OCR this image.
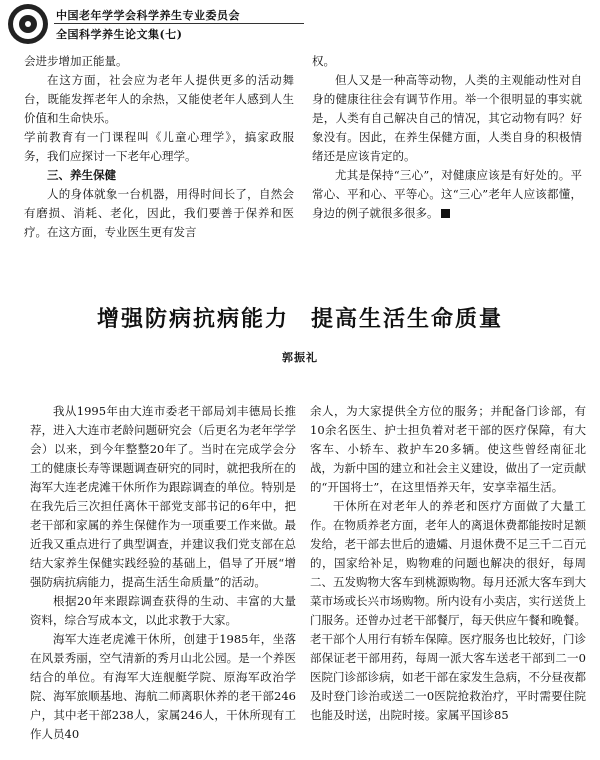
中国老年学学会科学养生专业委员会
全国科学养生论文集(七)

会进步增加正能量。

在这方面，社会应为老年人提供更多的活动舞台，既能发挥老年人的余热，又能使老年人感到人生价值和生命快乐。

学前教育有一门课程叫《儿童心理学》，搞家政服务，我们应探讨一下老年心理学。

三、养生保健

人的身体就象一台机器，用得时间长了，自然会有磨损、消耗、老化，因此，我们要善于保养和医疗。在这方面，专业医生更有发言

权。

但人又是一种高等动物，人类的主观能动性对自身的健康往往会有调节作用。举一个很明显的事实就是，人类有自己解决自己的情况，其它动物有吗？好象没有。因此，在养生保健方面，人类自身的积极情绪还是应该肯定的。

尤其是保持“三心”，对健康应该是有好处的。平常心、平和心、平等心。这“三心”老年人应该都懂，身边的例子就很多很多。

增强防病抗病能力 提高生活生命质量
郭振礼

我从1995年由大连市委老干部局刘丰德局长推荐，进入大连市老龄问题研究会（后更名为老年学学会）以来，到今年整整20年了。当时在完成学会分工的健康长寿等课题调查研究的同时，就把我所在的海军大连老虎滩干休所作为跟踪调查的单位。特别是在我先后三次担任离休干部党支部书记的6年中，把老干部和家属的养生保健作为一项重要工作来做。最近我又重点进行了典型调查，并建议我们党支部在总结大家养生保健实践经验的基础上，倡导了开展“增强防病抗病能力，提高生活生命质量”的活动。

根据20年来跟踪调查获得的生动、丰富的大量资料，综合写成本文，以此求教于大家。

海军大连老虎滩干休所，创建于1985年，坐落在风景秀丽，空气清新的秀月山北公园。是一个养医结合的单位。有海军大连舰艇学院、原海军政治学院、海军旅顺基地、海航二师离职休养的老干部246户，其中老干部238人，家属246人，干休所现有工作人员40

余人，为大家提供全方位的服务；并配备门诊部，有10余名医生、护士担负着对老干部的医疗保障，有大客车、小轿车、救护车20多辆。使这些曾经南征北战，为新中国的建立和社会主义建设，做出了一定贡献的“开国将士”，在这里悟养天年，安享幸福生活。

干休所在对老年人的养老和医疗方面做了大量工作。在物质养老方面，老年人的离退休费都能按时足额发给，老干部去世后的遗孀、月退休费不足三千二百元的，国家给补足，购物难的问题也解决的很好，每周二、五发购物大客车到桃源购物。每月还派大客车到大菜市场或长兴市场购物。所内设有小卖店，实行送货上门服务。还曾办过老干部餐厅，每天供应午餐和晚餐。老干部个人用行有轿车保障。医疗服务也比较好，门诊部保证老干部用药，每周一派大客车送老干部到二一0医院门诊部诊病，如老干部在家发生急病，不分昼夜都及时登门诊治或送二一0医院抢救治疗，平时需要住院也能及时送，出院时接。家属平国诊85
